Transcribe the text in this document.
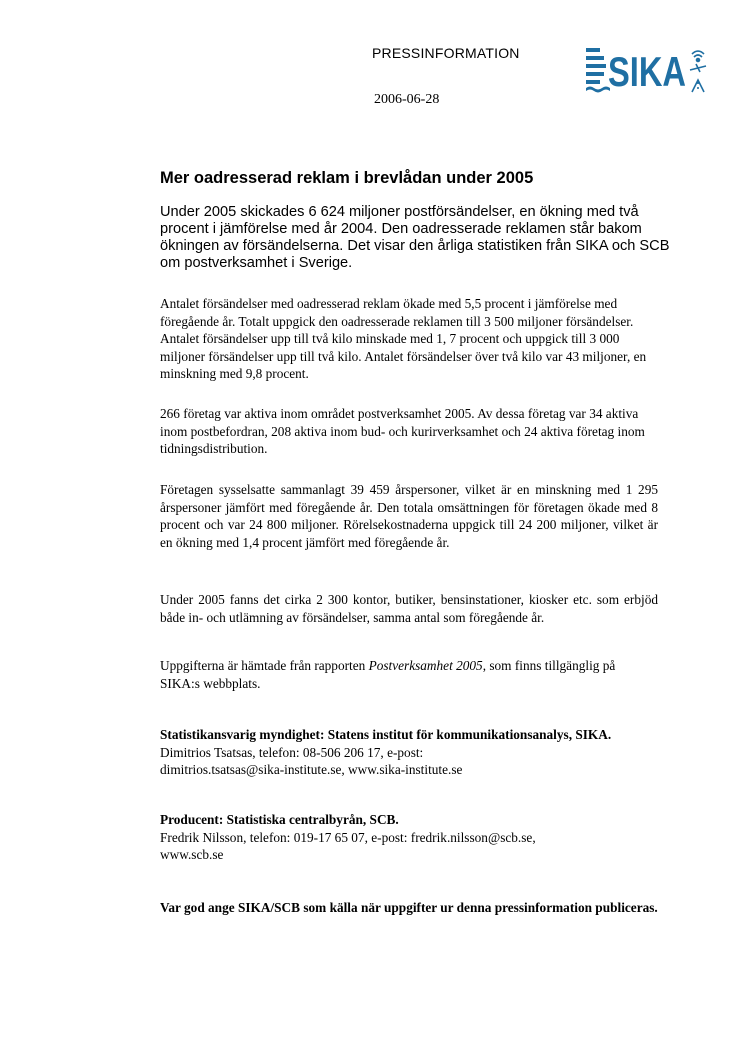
PRESSINFORMATION
2006-06-28
SIKA
Mer oadresserad reklam i brevlådan under 2005
Under 2005 skickades 6 624 miljoner postförsändelser, en ökning med två procent i jämförelse med år 2004. Den oadresserade reklamen står bakom ökningen av försändelserna. Det visar den årliga statistiken från SIKA och SCB om postverksamhet i Sverige.
Antalet försändelser med oadresserad reklam ökade med 5,5 procent i jämförelse med föregående år. Totalt uppgick den oadresserade reklamen till 3 500 miljoner försändelser. Antalet försändelser upp till två kilo minskade med 1, 7 procent och uppgick till 3 000 miljoner försändelser upp till två kilo. Antalet försändelser över två kilo var 43 miljoner, en minskning med 9,8 procent.
266 företag var aktiva inom området postverksamhet 2005. Av dessa företag var 34 aktiva inom postbefordran, 208 aktiva inom bud- och kurirverksamhet och 24 aktiva företag inom tidningsdistribution.
Företagen sysselsatte sammanlagt 39 459 årspersoner, vilket är en minskning med 1 295 årspersoner jämfört med föregående år. Den totala omsättningen för företagen ökade med 8 procent och var 24 800 miljoner. Rörelsekostnaderna uppgick till 24 200 miljoner, vilket är en ökning med 1,4 procent jämfört med föregående år.
Under 2005 fanns det cirka 2 300 kontor, butiker, bensinstationer, kiosker etc. som erbjöd både in- och utlämning av försändelser, samma antal som föregående år.
Uppgifterna är hämtade från rapporten Postverksamhet 2005, som finns tillgänglig på SIKA:s webbplats.
Statistikansvarig myndighet: Statens institut för kommunikationsanalys, SIKA.
Dimitrios Tsatsas, telefon: 08-506 206 17, e-post:
dimitrios.tsatsas@sika-institute.se, www.sika-institute.se
Producent: Statistiska centralbyrån, SCB.
Fredrik Nilsson, telefon: 019-17 65 07, e-post: fredrik.nilsson@scb.se,
www.scb.se
Var god ange SIKA/SCB som källa när uppgifter ur denna pressinformation publiceras.
